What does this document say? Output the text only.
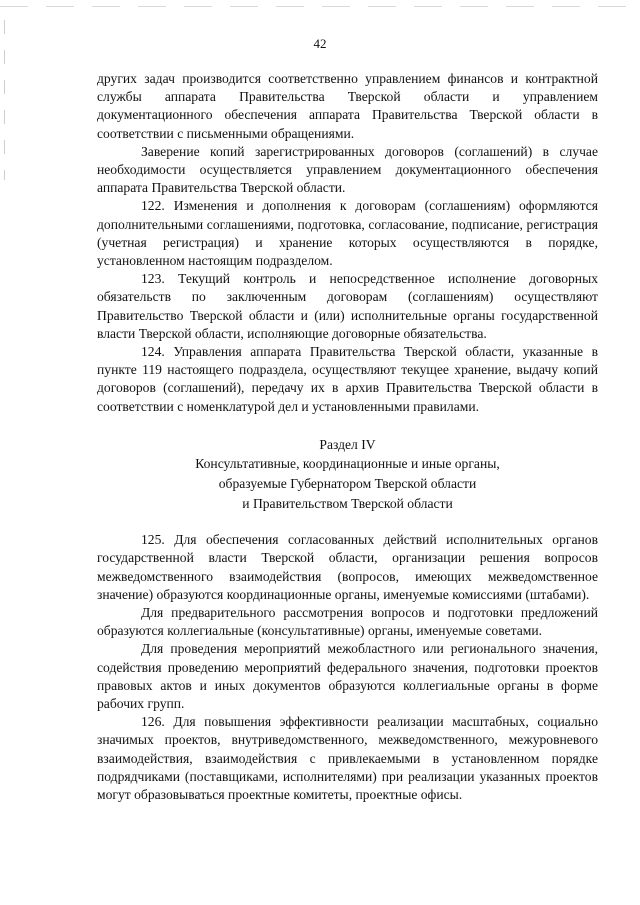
42

других задач производится соответственно управлением финансов и контрактной службы аппарата Правительства Тверской области и управлением документационного обеспечения аппарата Правительства Тверской области в соответствии с письменными обращениями.

Заверение копий зарегистрированных договоров (соглашений) в случае необходимости осуществляется управлением документационного обеспечения аппарата Правительства Тверской области.

122. Изменения и дополнения к договорам (соглашениям) оформляются дополнительными соглашениями, подготовка, согласование, подписание, регистрация (учетная регистрация) и хранение которых осуществляются в порядке, установленном настоящим подразделом.

123. Текущий контроль и непосредственное исполнение договорных обязательств по заключенным договорам (соглашениям) осуществляют Правительство Тверской области и (или) исполнительные органы государственной власти Тверской области, исполняющие договорные обязательства.

124. Управления аппарата Правительства Тверской области, указанные в пункте 119 настоящего подраздела, осуществляют текущее хранение, выдачу копий договоров (соглашений), передачу их в архив Правительства Тверской области в соответствии с номенклатурой дел и установленными правилами.

Раздел IV
Консультативные, координационные и иные органы,
образуемые Губернатором Тверской области
и Правительством Тверской области

125. Для обеспечения согласованных действий исполнительных органов государственной власти Тверской области, организации решения вопросов межведомственного взаимодействия (вопросов, имеющих межведомственное значение) образуются координационные органы, именуемые комиссиями (штабами).

Для предварительного рассмотрения вопросов и подготовки предложений образуются коллегиальные (консультативные) органы, именуемые советами.

Для проведения мероприятий межобластного или регионального значения, содействия проведению мероприятий федерального значения, подготовки проектов правовых актов и иных документов образуются коллегиальные органы в форме рабочих групп.

126. Для повышения эффективности реализации масштабных, социально значимых проектов, внутриведомственного, межведомственного, межуровневого взаимодействия, взаимодействия с привлекаемыми в установленном порядке подрядчиками (поставщиками, исполнителями) при реализации указанных проектов могут образовываться проектные комитеты, проектные офисы.
